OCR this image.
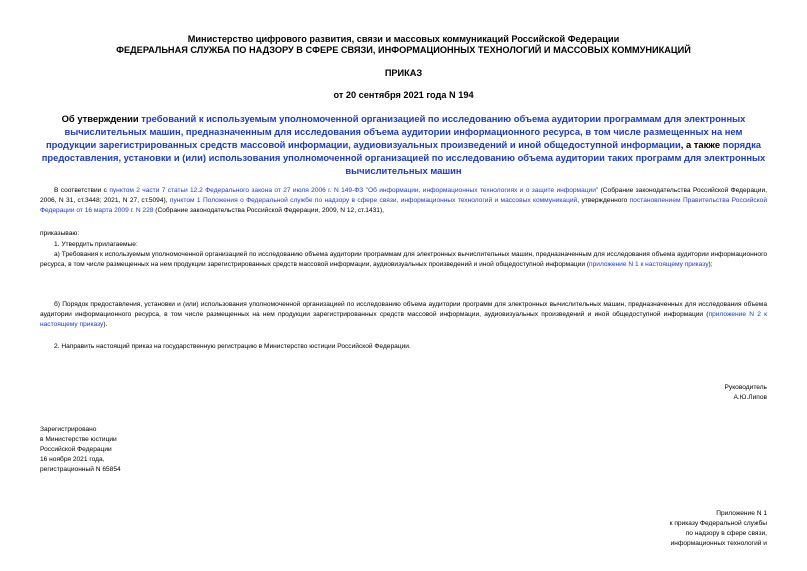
Министерство цифрового развития, связи и массовых коммуникаций Российской Федерации
ФЕДЕРАЛЬНАЯ СЛУЖБА ПО НАДЗОРУ В СФЕРЕ СВЯЗИ, ИНФОРМАЦИОННЫХ ТЕХНОЛОГИЙ И МАССОВЫХ КОММУНИКАЦИЙ
ПРИКАЗ
от 20 сентября 2021 года N 194
Об утверждении требований к используемым уполномоченной организацией по исследованию объема аудитории программам для электронных вычислительных машин, предназначенным для исследования объема аудитории информационного ресурса, в том числе размещенных на нем продукции зарегистрированных средств массовой информации, аудиовизуальных произведений и иной общедоступной информации, а также порядка предоставления, установки и (или) использования уполномоченной организацией по исследованию объема аудитории таких программ для электронных вычислительных машин
В соответствии с пунктом 2 части 7 статьи 12.2 Федерального закона от 27 июля 2006 г. N 149-ФЗ "Об информации, информационных технологиях и о защите информации" (Собрание законодательства Российской Федерации, 2006, N 31, ст.3448; 2021, N 27, ст.5094), пунктом 1 Положения о Федеральной службе по надзору в сфере связи, информационных технологий и массовых коммуникаций, утвержденного постановлением Правительства Российской Федерации от 16 марта 2009 г. N 228 (Собрание законодательства Российской Федерации, 2009, N 12, ст.1431),
приказываю:
1. Утвердить прилагаемые:
а) Требования к используемым уполномоченной организацией по исследованию объема аудитории программам для электронных вычислительных машин, предназначенным для исследования объема аудитории информационного ресурса, в том числе размещенных на нем продукции зарегистрированных средств массовой информации, аудиовизуальных произведений и иной общедоступной информации (приложение N 1 к настоящему приказу);
б) Порядок предоставления, установки и (или) использования уполномоченной организацией по исследованию объема аудитории программ для электронных вычислительных машин, предназначенных для исследования объема аудитории информационного ресурса, в том числе размещенных на нем продукции зарегистрированных средств массовой информации, аудиовизуальных произведений и иной общедоступной информации (приложение N 2 к настоящему приказу).
2. Направить настоящий приказ на государственную регистрацию в Министерство юстиции Российской Федерации.
Руководитель
А.Ю.Липов
Зарегистрировано
в Министерстве юстиции
Российской Федерации
16 ноября 2021 года,
регистрационный N 65854
Приложение N 1
к приказу Федеральной службы
по надзору в сфере связи,
информационных технологий и
